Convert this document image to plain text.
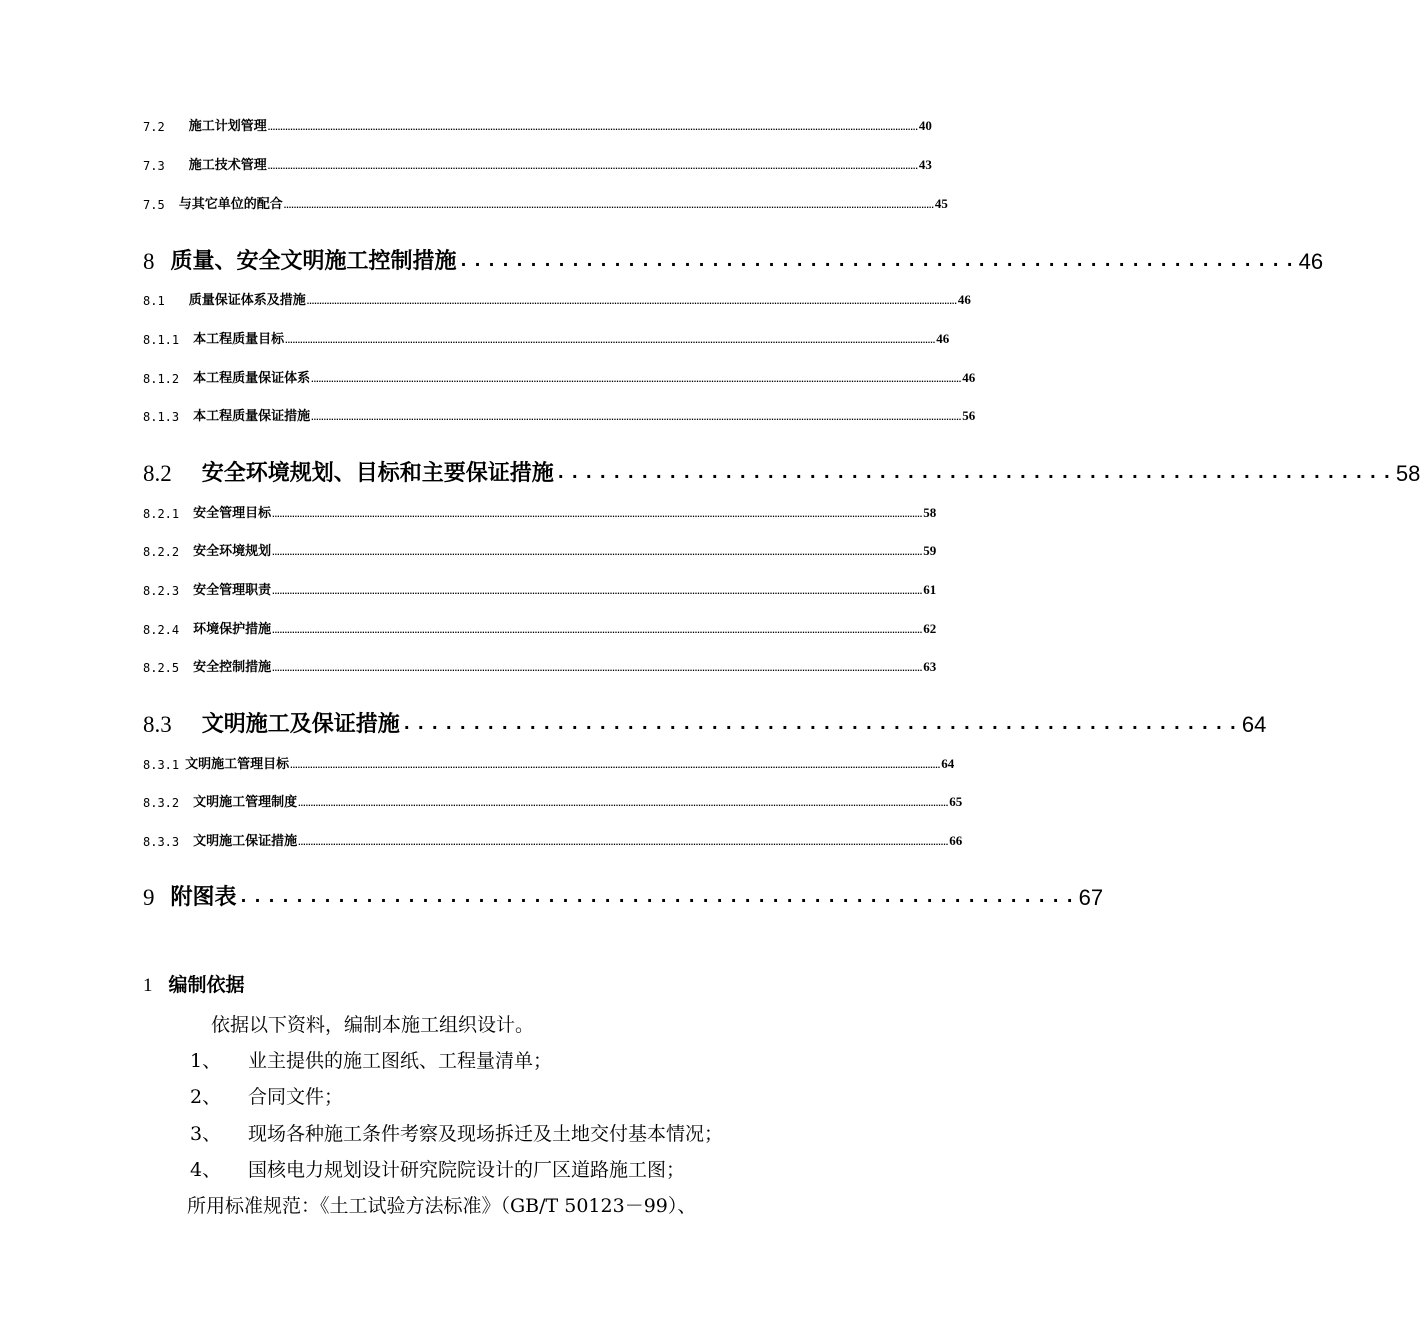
7.2 施工计划管理 .................................................................................................................................................................................................................................................................... 40
7.3 施工技术管理 .................................................................................................................................................................................................................................................................... 43
7.5 与其它单位的配合 .................................................................................................................................................................................................................................................................... 45
8 质量、安全文明施工控制措施 ............................................................ 46
8.1 质量保证体系及措施 .................................................................................................................................................................................................................................................................... 46
8.1.1 本工程质量目标 .................................................................................................................................................................................................................................................................... 46
8.1.2 本工程质量保证体系 .................................................................................................................................................................................................................................................................... 46
8.1.3 本工程质量保证措施 .................................................................................................................................................................................................................................................................... 56
8.2 安全环境规划、目标和主要保证措施 ............................................................ 58
8.2.1 安全管理目标 .................................................................................................................................................................................................................................................................... 58
8.2.2 安全环境规划 .................................................................................................................................................................................................................................................................... 59
8.2.3 安全管理职责 .................................................................................................................................................................................................................................................................... 61
8.2.4 环境保护措施 .................................................................................................................................................................................................................................................................... 62
8.2.5 安全控制措施 .................................................................................................................................................................................................................................................................... 63
8.3 文明施工及保证措施 ............................................................ 64
8.3.1 文明施工管理目标 .................................................................................................................................................................................................................................................................... 64
8.3.2 文明施工管理制度 .................................................................................................................................................................................................................................................................... 65
8.3.3 文明施工保证措施 .................................................................................................................................................................................................................................................................... 66
9 附图表 ............................................................ 67
1 编制依据
依据以下资料，编制本施工组织设计。
1、 业主提供的施工图纸、工程量清单；
2、 合同文件；
3、 现场各种施工条件考察及现场拆迁及土地交付基本情况；
4、 国核电力规划设计研究院院设计的厂区道路施工图；
所用标准规范：《土工试验方法标准》（GB/T 50123－99）、
